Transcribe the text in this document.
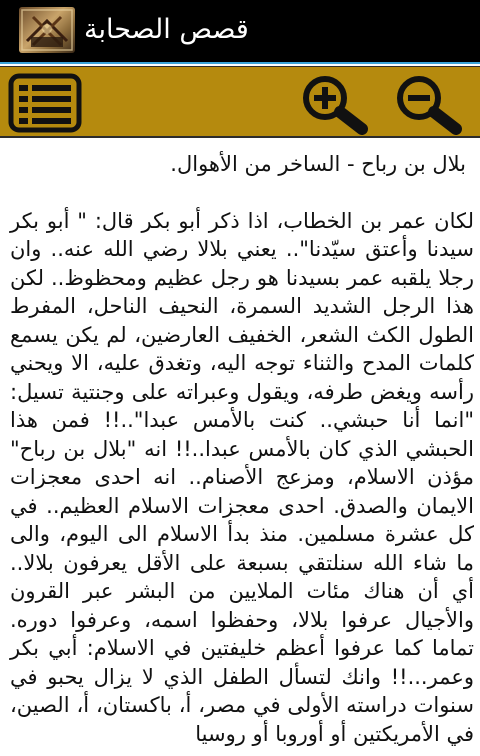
قصص الصحابة

بلال بن رباح - الساخر من الأهوال.

لكان عمر بن الخطاب، اذا ذكر أبو بكر قال: " أبو بكر سيدنا وأعتق سيّدنا".. يعني بلالا رضي الله عنه.. وان رجلا يلقبه عمر بسيدنا هو رجل عظيم ومحظوظ.. لكن هذا الرجل الشديد السمرة، النحيف الناحل، المفرط الطول الكث الشعر، الخفيف العارضين، لم يكن يسمع كلمات المدح والثناء توجه اليه، وتغدق عليه، الا ويحني رأسه ويغض طرفه، ويقول وعبراته على وجنتية تسيل: "انما أنا حبشي.. كنت بالأمس عبدا"..!! فمن هذا الحبشي الذي كان بالأمس عبدا..!! انه "بلال بن رباح" مؤذن الاسلام، ومزعج الأصنام.. انه احدى معجزات الايمان والصدق. احدى معجزات الاسلام العظيم.. في كل عشرة مسلمين. منذ بدأ الاسلام الى اليوم، والى ما شاء الله سنلتقي بسبعة على الأقل يعرفون بلالا.. أي أن هناك مئات الملايين من البشر عبر القرون والأجيال عرفوا بلالا، وحفظوا اسمه، وعرفوا دوره. تماما كما عرفوا أعظم خليفتين في الاسلام: أبي بكر وعمر...!! وانك لتسأل الطفل الذي لا يزال يحبو في سنوات دراسته الأولى في مصر، أ، باكستان، أ، الصين، في الأمريكتين أو أوروبا أو روسيا
